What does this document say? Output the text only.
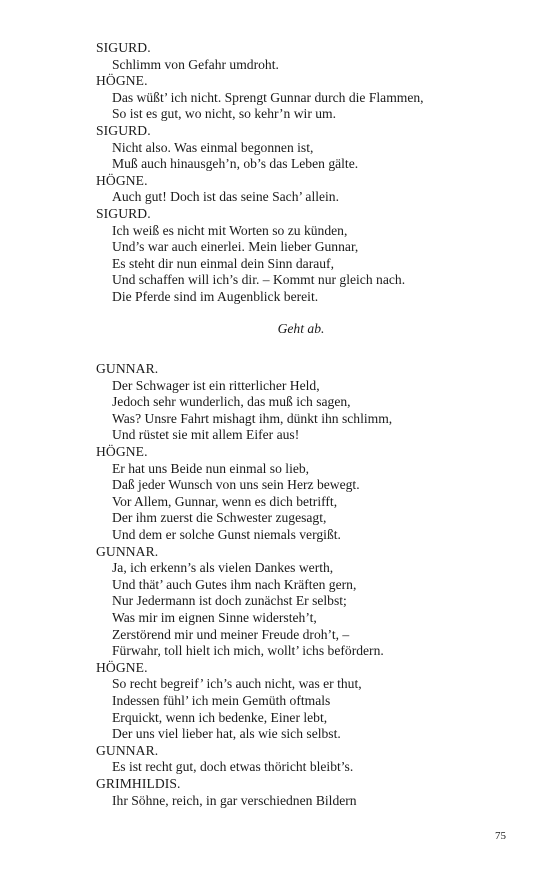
SIGURD.
Schlimm von Gefahr umdroht.
HÖGNE.
Das wüßt’ ich nicht. Sprengt Gunnar durch die Flammen,
So ist es gut, wo nicht, so kehr’n wir um.
SIGURD.
Nicht also. Was einmal begonnen ist,
Muß auch hinausgeh’n, ob’s das Leben gälte.
HÖGNE.
Auch gut! Doch ist das seine Sach’ allein.
SIGURD.
Ich weiß es nicht mit Worten so zu künden,
Und’s war auch einerlei. Mein lieber Gunnar,
Es steht dir nun einmal dein Sinn darauf,
Und schaffen will ich’s dir. – Kommt nur gleich nach.
Die Pferde sind im Augenblick bereit.
Geht ab.
GUNNAR.
Der Schwager ist ein ritterlicher Held,
Jedoch sehr wunderlich, das muß ich sagen,
Was? Unsre Fahrt mishagt ihm, dünkt ihn schlimm,
Und rüstet sie mit allem Eifer aus!
HÖGNE.
Er hat uns Beide nun einmal so lieb,
Daß jeder Wunsch von uns sein Herz bewegt.
Vor Allem, Gunnar, wenn es dich betrifft,
Der ihm zuerst die Schwester zugesagt,
Und dem er solche Gunst niemals vergißt.
GUNNAR.
Ja, ich erkenn’s als vielen Dankes werth,
Und thät’ auch Gutes ihm nach Kräften gern,
Nur Jedermann ist doch zunächst Er selbst;
Was mir im eignen Sinne widersteh’t,
Zerstörend mir und meiner Freude droh’t, –
Fürwahr, toll hielt ich mich, wollt’ ichs befördern.
HÖGNE.
So recht begreif’ ich’s auch nicht, was er thut,
Indessen fühl’ ich mein Gemüth oftmals
Erquickt, wenn ich bedenke, Einer lebt,
Der uns viel lieber hat, als wie sich selbst.
GUNNAR.
Es ist recht gut, doch etwas thöricht bleibt’s.
GRIMHILDIS.
Ihr Söhne, reich, in gar verschiednen Bildern
75
